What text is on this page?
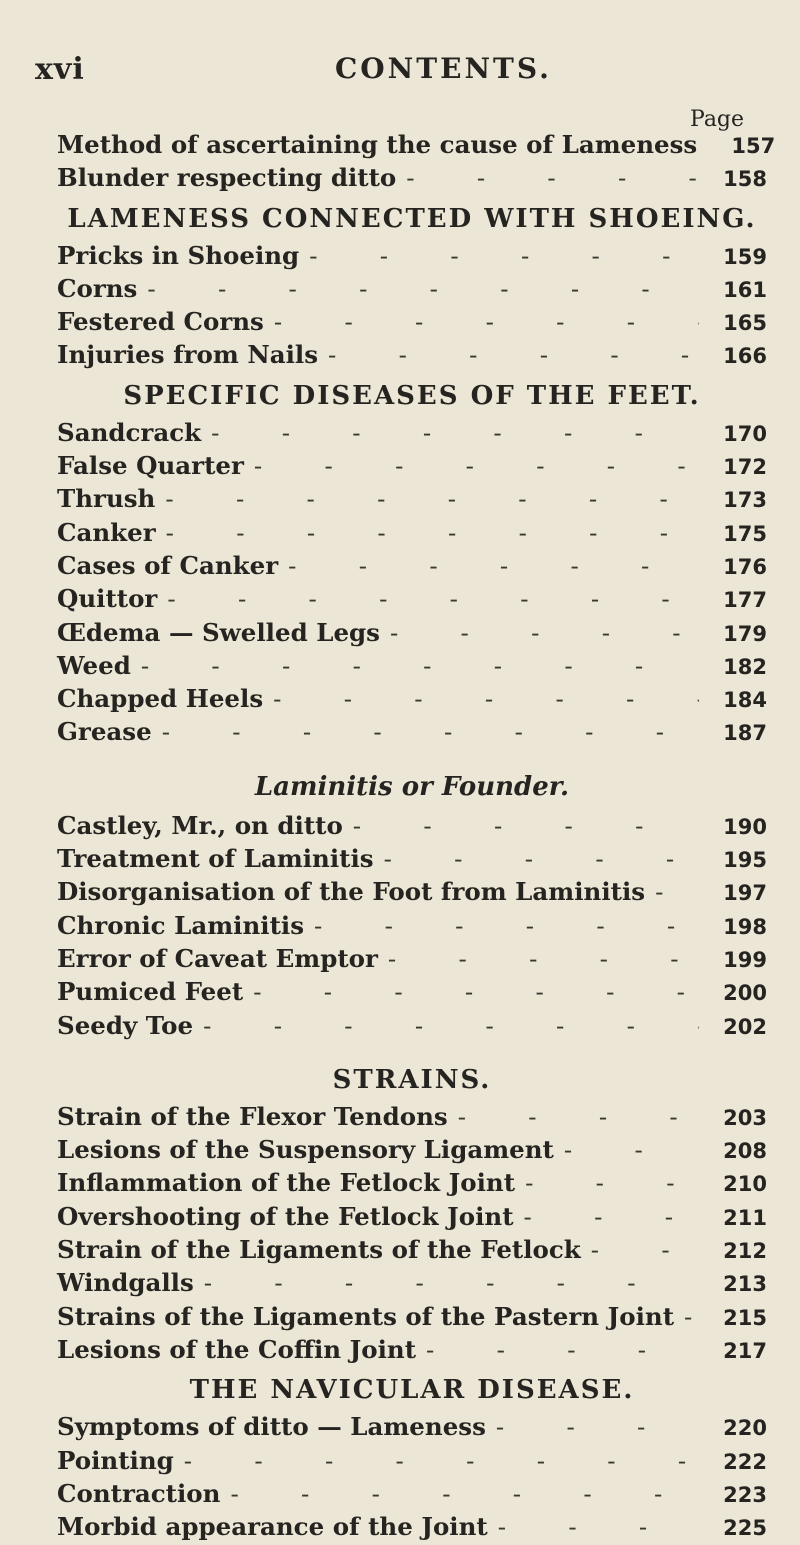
xvi	CONTENTS.
Page
Method of ascertaining the cause of Lameness	157
Blunder respecting ditto -	158
LAMENESS CONNECTED WITH SHOEING.
Pricks in Shoeing -	159
Corns -	161
Festered Corns -	165
Injuries from Nails -	166
SPECIFIC DISEASES OF THE FEET.
Sandcrack -	170
False Quarter -	172
Thrush -	173
Canker -	175
Cases of Canker -	176
Quittor -	177
Œdema — Swelled Legs -	179
Weed -	182
Chapped Heels -	184
Grease -	187
Laminitis or Founder.
Castley, Mr., on ditto -	190
Treatment of Laminitis -	195
Disorganisation of the Foot from Laminitis -	197
Chronic Laminitis -	198
Error of Caveat Emptor -	199
Pumiced Feet -	200
Seedy Toe -	202
STRAINS.
Strain of the Flexor Tendons -	203
Lesions of the Suspensory Ligament -	208
Inflammation of the Fetlock Joint -	210
Overshooting of the Fetlock Joint -	211
Strain of the Ligaments of the Fetlock -	212
Windgalls -	213
Strains of the Ligaments of the Pastern Joint -	215
Lesions of the Coffin Joint -	217
THE NAVICULAR DISEASE.
Symptoms of ditto — Lameness -	220
Pointing -	222
Contraction -	223
Morbid appearance of the Joint -	225
